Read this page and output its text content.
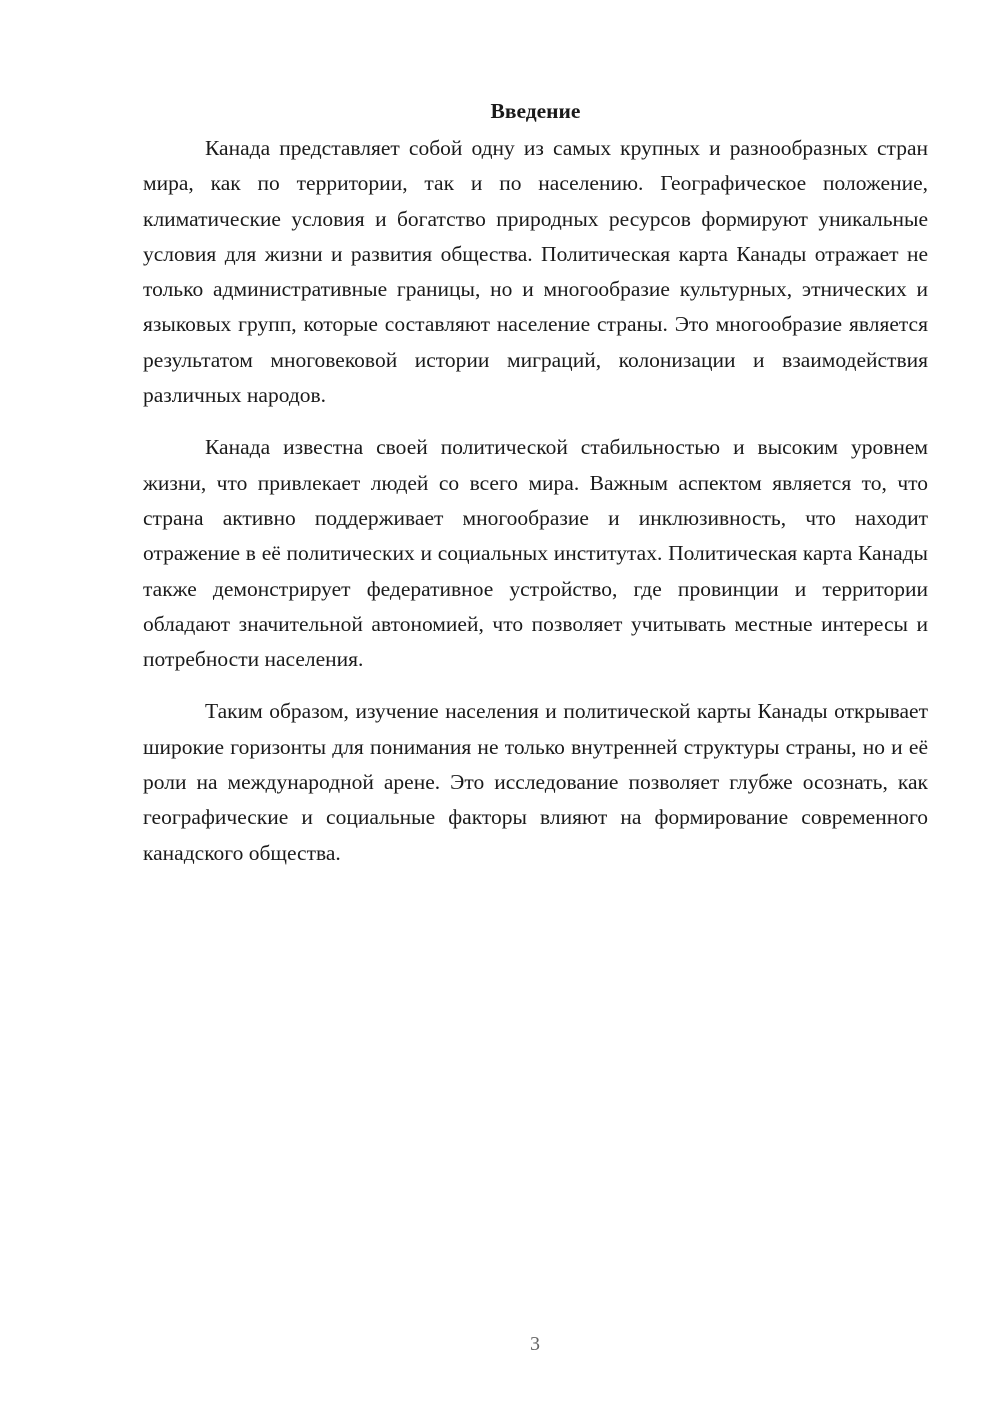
Введение

Канада представляет собой одну из самых крупных и разнообразных стран мира, как по территории, так и по населению. Географическое положение, климатические условия и богатство природных ресурсов формируют уникальные условия для жизни и развития общества. Политическая карта Канады отражает не только административные границы, но и многообразие культурных, этнических и языковых групп, которые составляют население страны. Это многообразие является результатом многовековой истории миграций, колонизации и взаимодействия различных народов.

Канада известна своей политической стабильностью и высоким уровнем жизни, что привлекает людей со всего мира. Важным аспектом является то, что страна активно поддерживает многообразие и инклюзивность, что находит отражение в её политических и социальных институтах. Политическая карта Канады также демонстрирует федеративное устройство, где провинции и территории обладают значительной автономией, что позволяет учитывать местные интересы и потребности населения.

Таким образом, изучение населения и политической карты Канады открывает широкие горизонты для понимания не только внутренней структуры страны, но и её роли на международной арене. Это исследование позволяет глубже осознать, как географические и социальные факторы влияют на формирование современного канадского общества.

3
